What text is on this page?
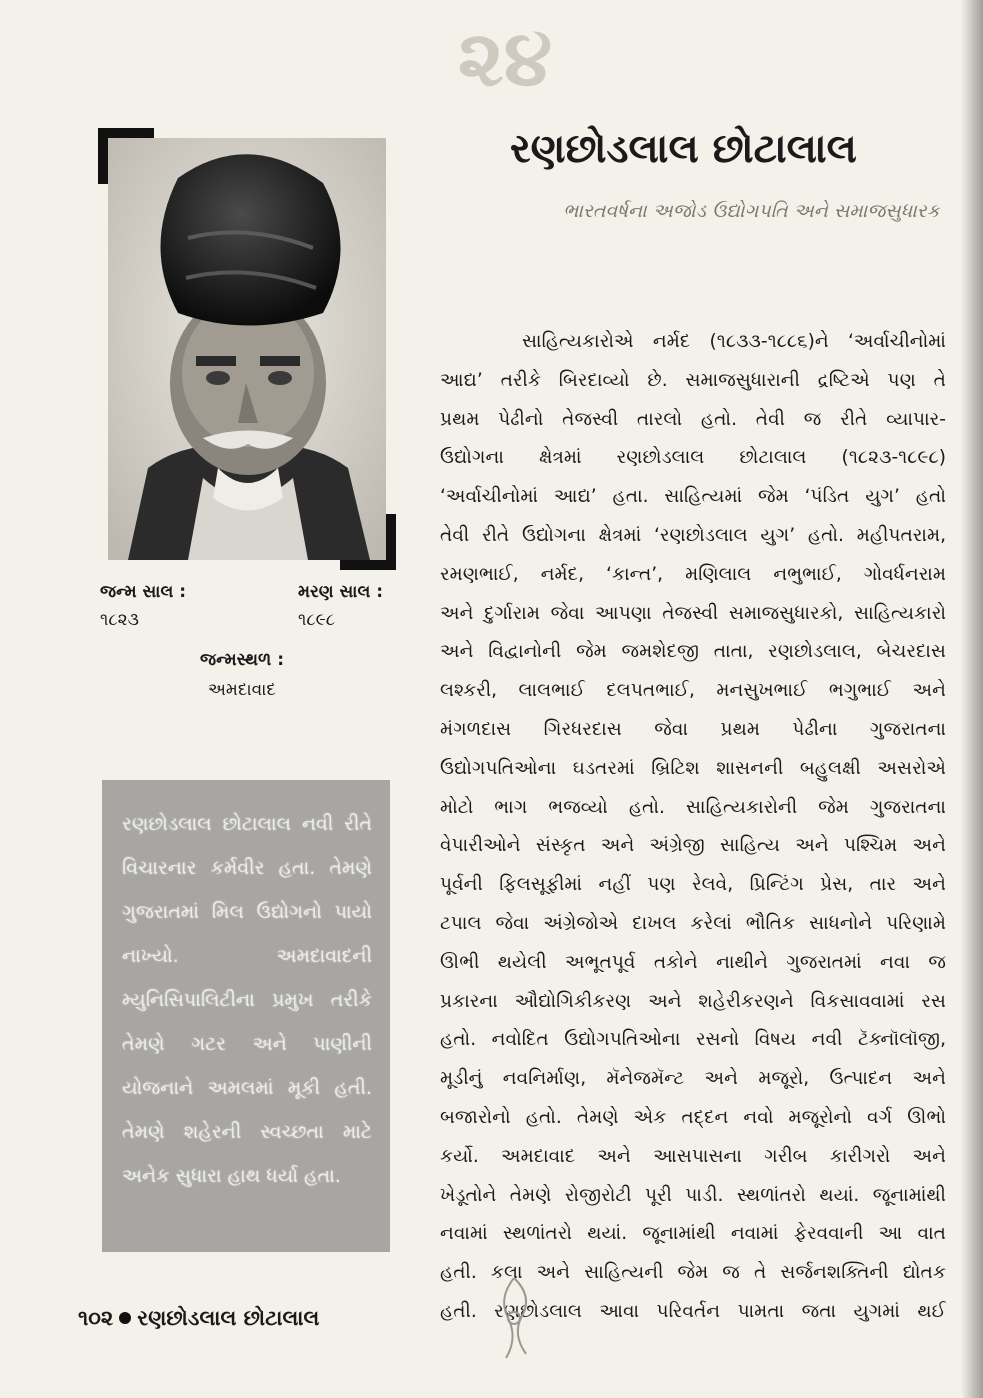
૨૪
રણછોડલાલ છોટાલાલ
ભારતવર્ષના અજોડ ઉદ્યોગપતિ અને સમાજસુધારક
જન્મ સાલ :
૧૮૨૩
મરણ સાલ :
૧૮૯૮
જન્મસ્થળ :
અમદાવાદ
રણછોડલાલ છોટાલાલ નવી રીતે વિચારનાર કર્મવીર હતા. તેમણે ગુજરાતમાં મિલ ઉદ્યોગનો પાયો નાખ્યો. અમદાવાદની મ્યુનિસિપાલિટીના પ્રમુખ તરીકે તેમણે ગટર અને પાણીની યોજનાને અમલમાં મૂકી હતી. તેમણે શહેરની સ્વચ્છતા માટે અનેક સુધારા હાથ ધર્યા હતા.
સાહિત્યકારોએ નર્મદ (૧૮૩૩-૧૮૮૬)ને ‘અર્વાચીનોમાં
આદ્ય’ તરીકે બિરદાવ્યો છે. સમાજસુધારાની દ્રષ્ટિએ પણ તે
પ્રથમ પેઢીનો તેજસ્વી તારલો હતો. તેવી જ રીતે વ્યાપાર-
ઉદ્યોગના ક્ષેત્રમાં રણછોડલાલ છોટાલાલ (૧૮૨૩-૧૮૯૮)
‘અર્વાચીનોમાં આદ્ય’ હતા. સાહિત્યમાં જેમ ‘પંડિત યુગ’ હતો
તેવી રીતે ઉદ્યોગના ક્ષેત્રમાં ‘રણછોડલાલ યુગ’ હતો. મહીપતરામ,
રમણભાઈ, નર્મદ, ‘કાન્ત’, મણિલાલ નભુભાઈ, ગોવર્ધનરામ
અને દુર્ગારામ જેવા આપણા તેજસ્વી સમાજસુધારકો, સાહિત્યકારો
અને વિદ્વાનોની જેમ જમશેદજી તાતા, રણછોડલાલ, બેચરદાસ
લશ્કરી, લાલભાઈ દલપતભાઈ, મનસુખભાઈ ભગુભાઈ અને
મંગળદાસ ગિરધરદાસ જેવા પ્રથમ પેઢીના ગુજરાતના
ઉદ્યોગપતિઓના ઘડતરમાં બ્રિટિશ શાસનની બહુલક્ષી અસરોએ
મોટો ભાગ ભજવ્યો હતો. સાહિત્યકારોની જેમ ગુજરાતના
વેપારીઓને સંસ્કૃત અને અંગ્રેજી સાહિત્ય અને પશ્ચિમ અને
પૂર્વની ફિલસૂફીમાં નહીં પણ રેલવે, પ્રિન્ટિંગ પ્રેસ, તાર અને
ટપાલ જેવા અંગ્રેજોએ દાખલ કરેલાં ભૌતિક સાધનોને પરિણામે
ઊભી થયેલી અભૂતપૂર્વ તકોને નાથીને ગુજરાતમાં નવા જ
પ્રકારના ઔદ્યોગિકીકરણ અને શહેરીકરણને વિકસાવવામાં રસ
હતો. નવોદિત ઉદ્યોગપતિઓના રસનો વિષય નવી ટૅક્નૉલૉજી,
મૂડીનું નવનિર્માણ, મૅનેજમૅન્ટ અને મજૂરો, ઉત્પાદન અને
બજારોનો હતો. તેમણે એક તદ્દન નવો મજૂરોનો વર્ગ ઊભો
કર્યો. અમદાવાદ અને આસપાસના ગરીબ કારીગરો અને
ખેડૂતોને તેમણે રોજીરોટી પૂરી પાડી. સ્થળાંતરો થયાં. જૂનામાંથી
નવામાં સ્થળાંતરો થયાં. જૂનામાંથી નવામાં ફેરવવાની આ વાત
હતી. કલા અને સાહિત્યની જેમ જ તે સર્જનશક્તિની દ્યોતક
હતી. રણછોડલાલ આવા પરિવર્તન પામતા જતા યુગમાં થઈ
૧૦૨ રણછોડલાલ છોટાલાલ
